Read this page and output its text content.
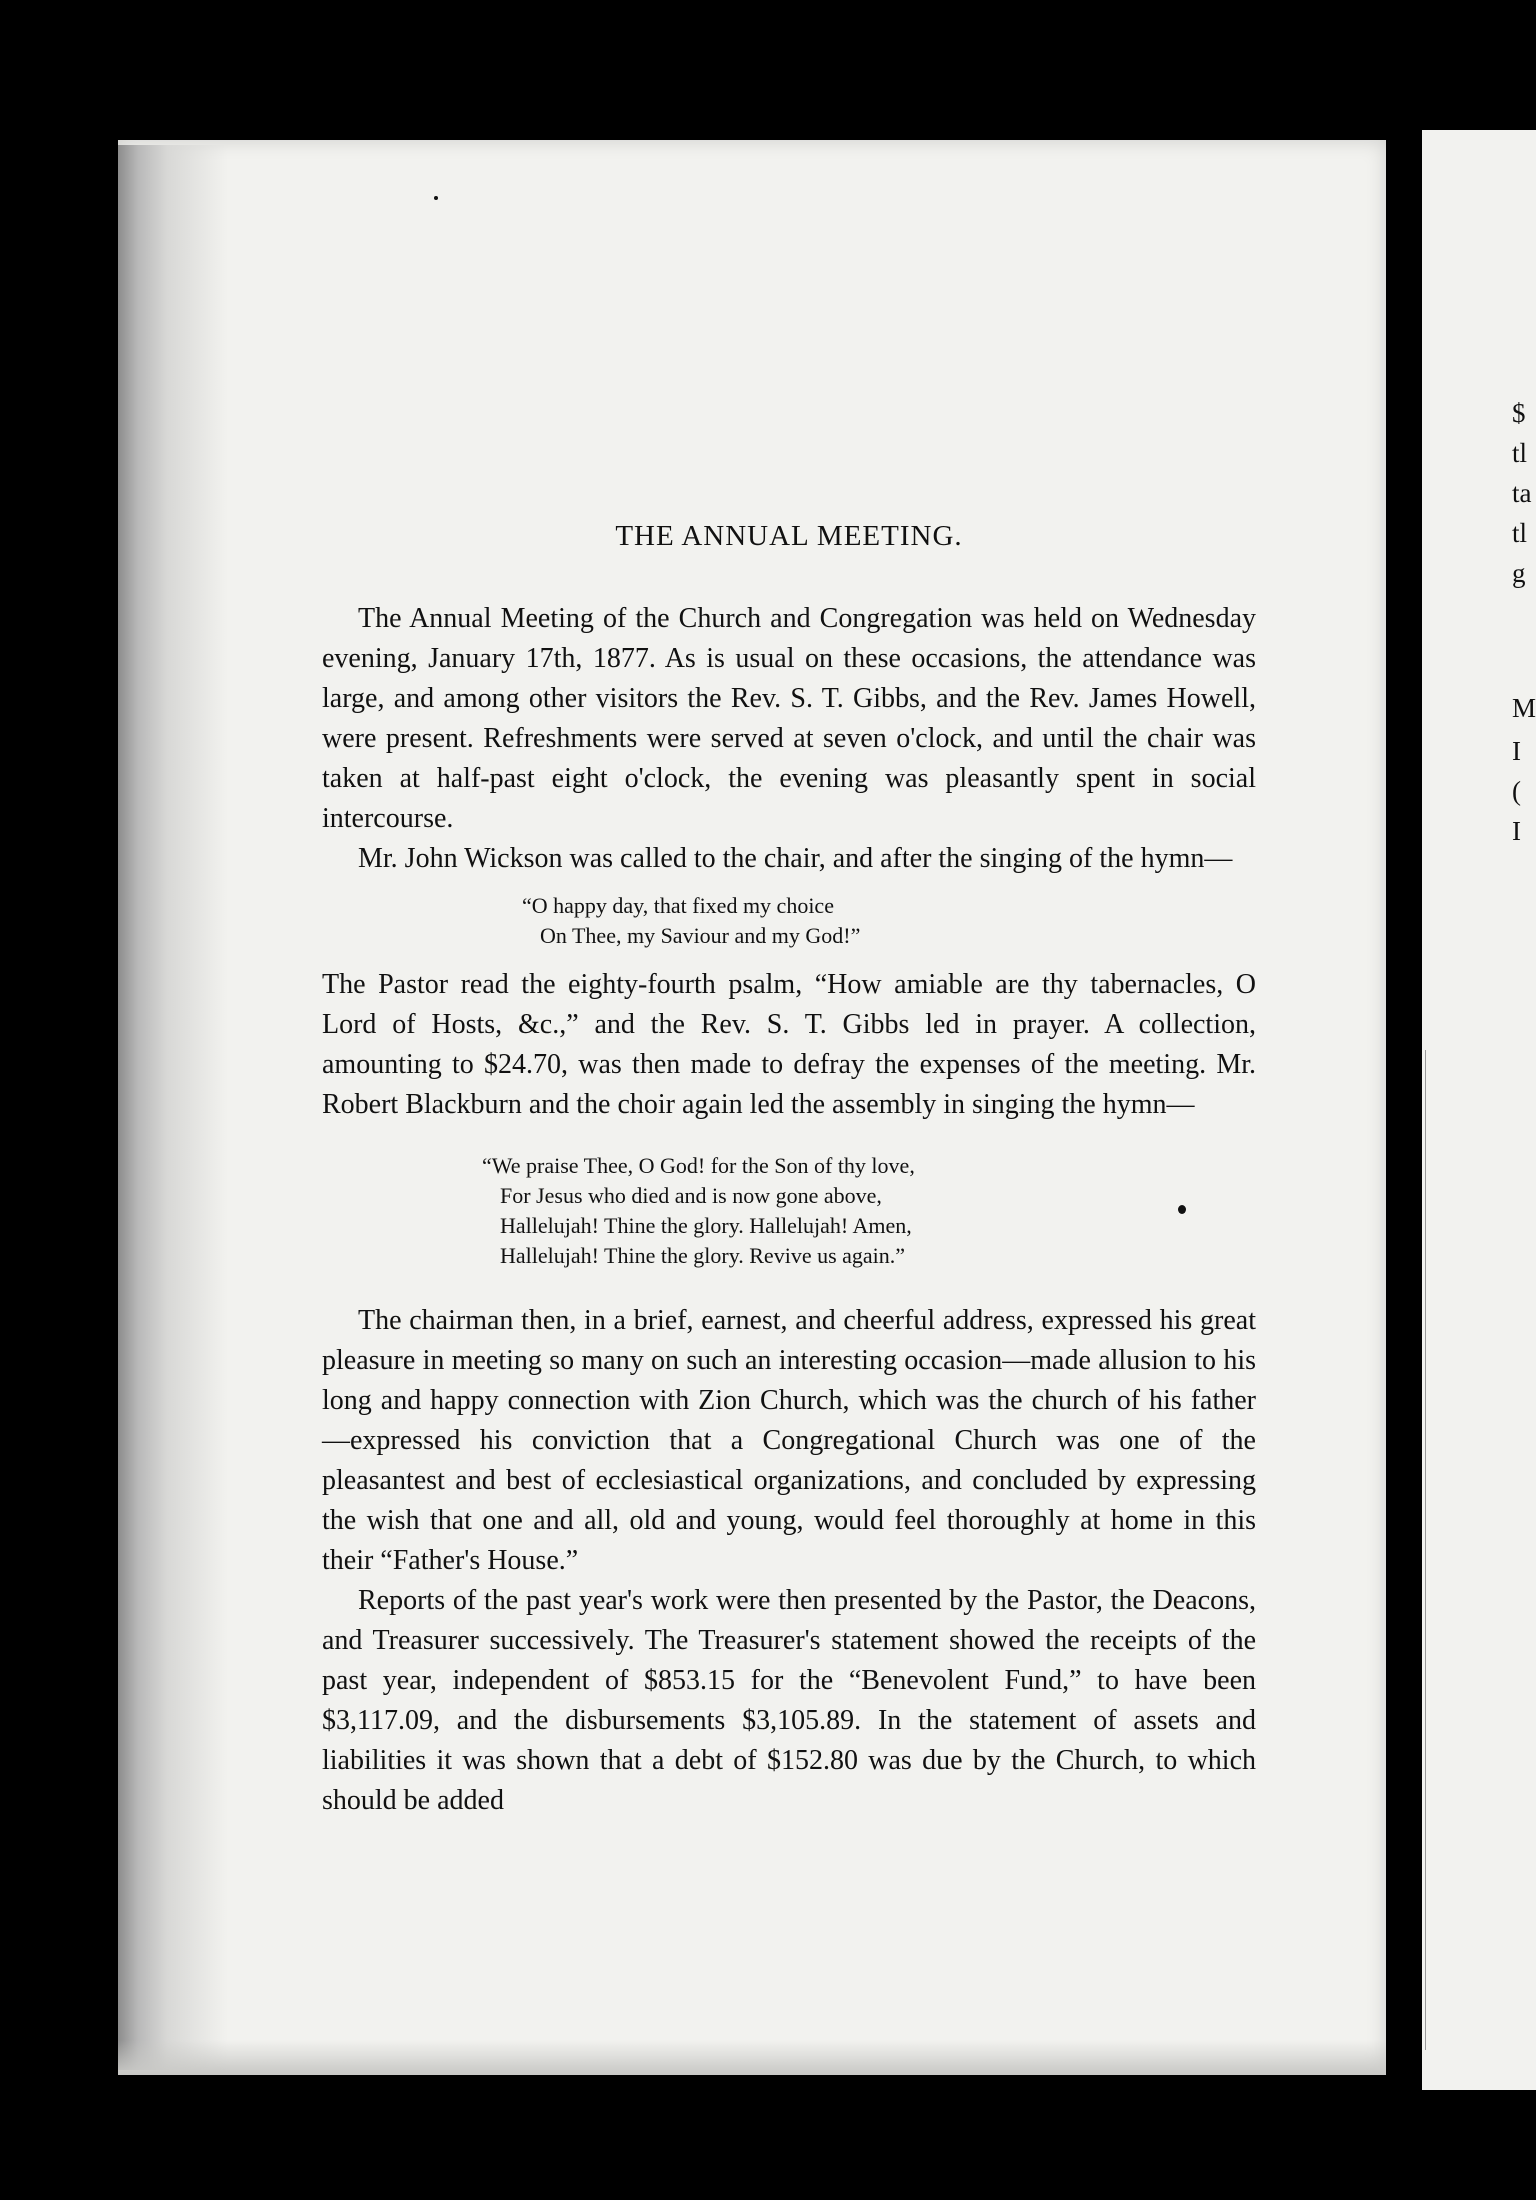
$
tl
ta
tl
g
M
I
(
I
THE ANNUAL MEETING.

The Annual Meeting of the Church and Congregation was held on Wednesday evening, January 17th, 1877. As is usual on these occasions, the attendance was large, and among other visitors the Rev. S. T. Gibbs, and the Rev. James Howell, were present. Refreshments were served at seven o'clock, and until the chair was taken at half-past eight o'clock, the evening was pleasantly spent in social intercourse.

Mr. John Wickson was called to the chair, and after the singing of the hymn—

“O happy day, that fixed my choice
On Thee, my Saviour and my God!”

The Pastor read the eighty-fourth psalm, “How amiable are thy tabernacles, O Lord of Hosts, &c.,” and the Rev. S. T. Gibbs led in prayer. A collection, amounting to $24.70, was then made to defray the expenses of the meeting. Mr. Robert Blackburn and the choir again led the assembly in singing the hymn—

“We praise Thee, O God! for the Son of thy love,
For Jesus who died and is now gone above,
Hallelujah! Thine the glory. Hallelujah! Amen,
Hallelujah! Thine the glory. Revive us again.”

The chairman then, in a brief, earnest, and cheerful address, expressed his great pleasure in meeting so many on such an interesting occasion—made allusion to his long and happy connection with Zion Church, which was the church of his father—expressed his conviction that a Congregational Church was one of the pleasantest and best of ecclesiastical organizations, and concluded by expressing the wish that one and all, old and young, would feel thoroughly at home in this their “Father's House.”

Reports of the past year's work were then presented by the Pastor, the Deacons, and Treasurer successively. The Treasurer's statement showed the receipts of the past year, independent of $853.15 for the “Benevolent Fund,” to have been $3,117.09, and the disbursements $3,105.89. In the statement of assets and liabilities it was shown that a debt of $152.80 was due by the Church, to which should be added
